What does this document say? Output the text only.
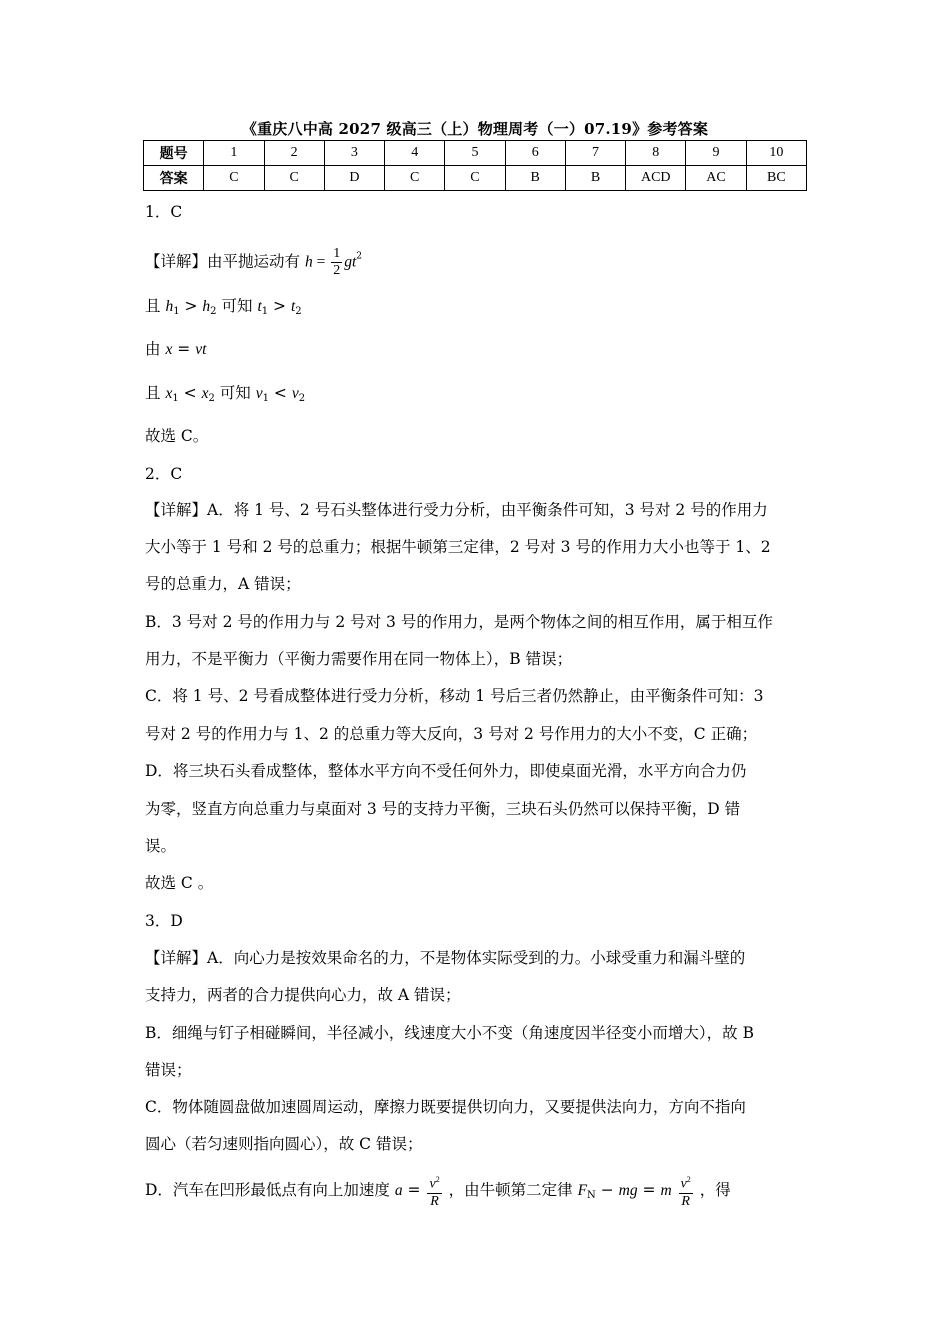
《重庆八中高 2027 级高三（上）物理周考（一）07.19》参考答案
题号	1	2	3	4	5	6	7	8	9	10
答案	C	C	D	C	C	B	B	ACD	AC	BC
1．C
【详解】由平抛运动有 $h = \frac{1}{2} gt^2$
且 $h_1 > h_2$ 可知 $t_1 > t_2$
由 x = vt
且 $x_1 < x_2$ 可知 $v_1 < v_2$
故选 C。
2．C
【详解】A．将 1 号、2 号石头整体进行受力分析，由平衡条件可知，3 号对 2 号的作用力
大小等于 1 号和 2 号的总重力；根据牛顿第三定律，2 号对 3 号的作用力大小也等于 1、2
号的总重力，A 错误；
B．3 号对 2 号的作用力与 2 号对 3 号的作用力，是两个物体之间的相互作用，属于相互作
用力，不是平衡力（平衡力需要作用在同一物体上），B 错误；
C．将 1 号、2 号看成整体进行受力分析，移动 1 号后三者仍然静止，由平衡条件可知：3
号对 2 号的作用力与 1、2 的总重力等大反向，3 号对 2 号作用力的大小不变，C 正确；
D．将三块石头看成整体，整体水平方向不受任何外力，即使桌面光滑，水平方向合力仍
为零，竖直方向总重力与桌面对 3 号的支持力平衡，三块石头仍然可以保持平衡，D 错
误。
故选 C 。
3．D
【详解】A．向心力是按效果命名的力，不是物体实际受到的力。小球受重力和漏斗壁的
支持力，两者的合力提供向心力，故 A 错误；
B．细绳与钉子相碰瞬间，半径减小，线速度大小不变（角速度因半径变小而增大），故 B
错误；
C．物体随圆盘做加速圆周运动，摩擦力既要提供切向力，又要提供法向力，方向不指向
圆心（若匀速则指向圆心），故 C 错误；
D．汽车在凹形最低点有向上加速度 $a = \frac{v^2}{R}$ ，由牛顿第二定律 $F_N$ − mg = m $\frac{v^2}{R}$ ，得
